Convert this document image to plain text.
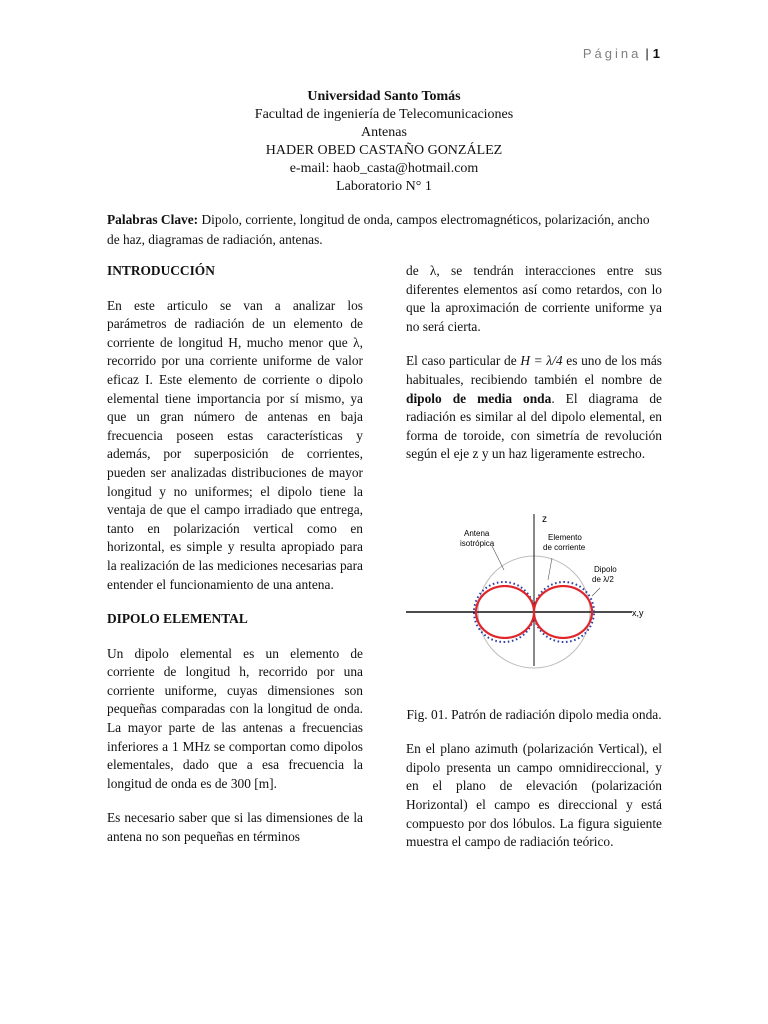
Página | 1
Universidad Santo Tomás
Facultad de ingeniería de Telecomunicaciones
Antenas
HADER OBED CASTAÑO GONZÁLEZ
e-mail: haob_casta@hotmail.com
Laboratorio N° 1
Palabras Clave: Dipolo, corriente, longitud de onda, campos electromagnéticos, polarización, ancho de haz, diagramas de radiación, antenas.
INTRODUCCIÓN

En este articulo se van a analizar los parámetros de radiación de un elemento de corriente de longitud H, mucho menor que λ, recorrido por una corriente uniforme de valor eficaz I. Este elemento de corriente o dipolo elemental tiene importancia por sí mismo, ya que un gran número de antenas en baja frecuencia poseen estas características y además, por superposición de corrientes, pueden ser analizadas distribuciones de mayor longitud y no uniformes; el dipolo tiene la ventaja de que el campo irradiado que entrega, tanto en polarización vertical como en horizontal, es simple y resulta apropiado para la realización de las mediciones necesarias para entender el funcionamiento de una antena.

DIPOLO ELEMENTAL

Un dipolo elemental es un elemento de corriente de longitud h, recorrido por una corriente uniforme, cuyas dimensiones son pequeñas comparadas con la longitud de onda. La mayor parte de las antenas a frecuencias inferiores a 1 MHz se comportan como dipolos elementales, dado que a esa frecuencia la longitud de onda es de 300 [m].

Es necesario saber que si las dimensiones de la antena no son pequeñas en términos

de λ, se tendrán interacciones entre sus diferentes elementos así como retardos, con lo que la aproximación de corriente uniforme ya no será cierta.

El caso particular de H = λ/4 es uno de los más habituales, recibiendo también el nombre de dipolo de media onda. El diagrama de radiación es similar al del dipolo elemental, en forma de toroide, con simetría de revolución según el eje z y un haz ligeramente estrecho.

z
x,y
Antena
isotrópica
Elemento
de corriente
Dipolo
de λ/2

Fig. 01. Patrón de radiación dipolo media onda.

En el plano azimuth (polarización Vertical), el dipolo presenta un campo omnidireccional, y en el plano de elevación (polarización Horizontal) el campo es direccional y está compuesto por dos lóbulos. La figura siguiente muestra el campo de radiación teórico.
